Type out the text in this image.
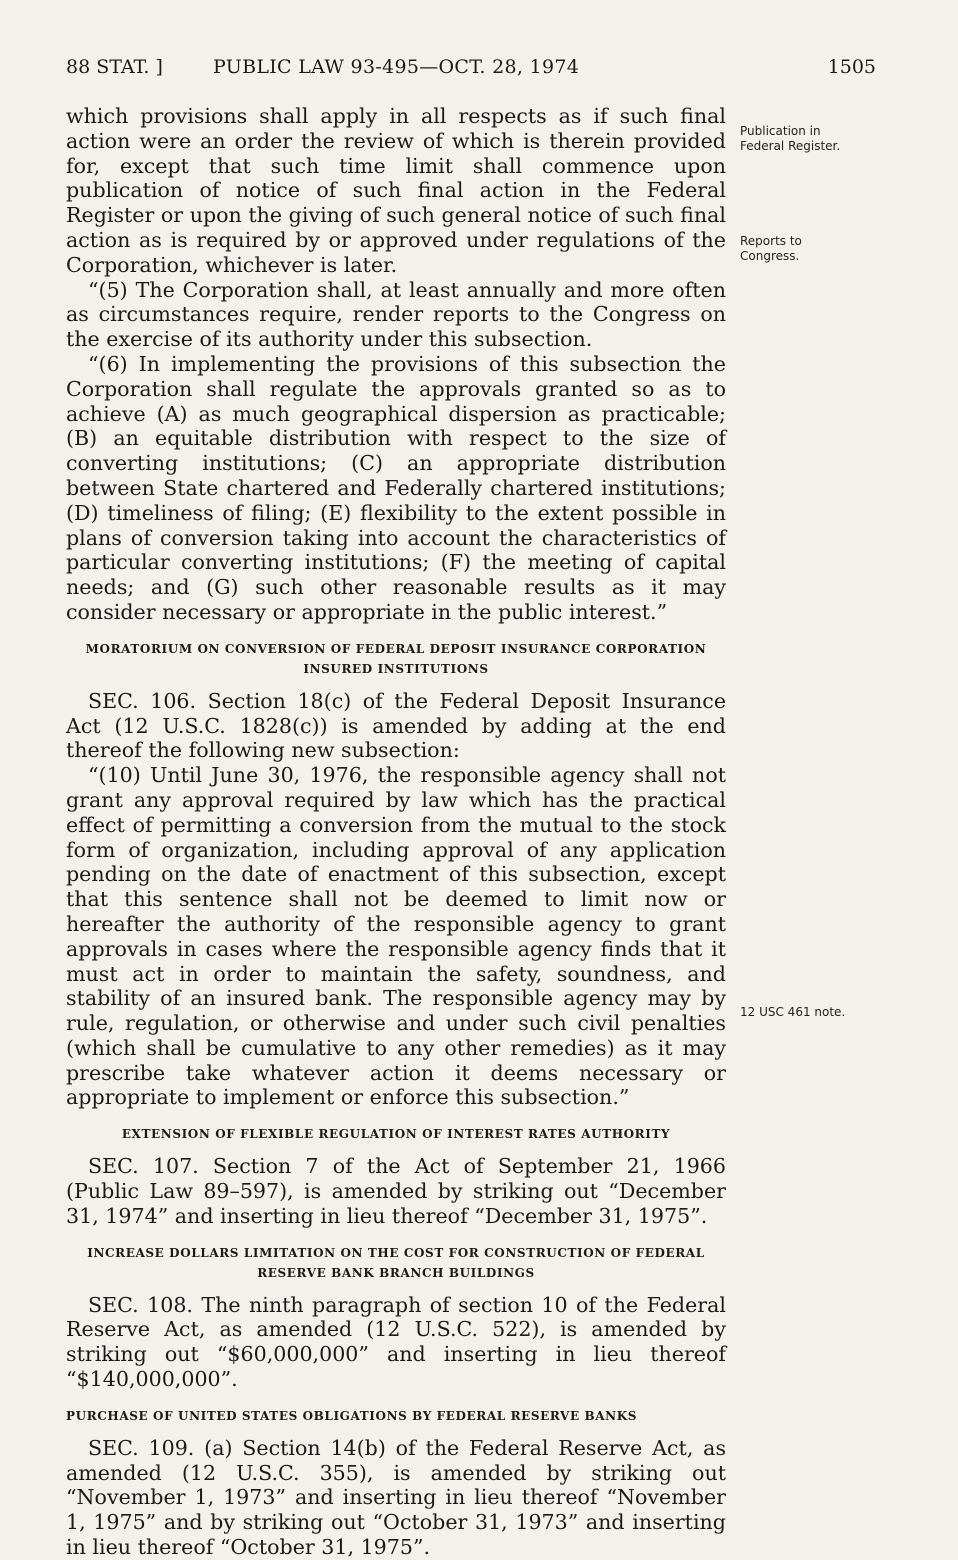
88 STAT. ]	PUBLIC LAW 93-495—OCT. 28, 1974	1505
Publication in Federal Register.
Reports to Congress.
12 USC 461 note.

which provisions shall apply in all respects as if such final action were an order the review of which is therein provided for, except that such time limit shall commence upon publication of notice of such final action in the Federal Register or upon the giving of such general notice of such final action as is required by or approved under regulations of the Corporation, whichever is later.

“(5) The Corporation shall, at least annually and more often as circumstances require, render reports to the Congress on the exercise of its authority under this subsection.

“(6) In implementing the provisions of this subsection the Corporation shall regulate the approvals granted so as to achieve (A) as much geographical dispersion as practicable; (B) an equitable distribution with respect to the size of converting institutions; (C) an appropriate distribution between State chartered and Federally chartered institutions; (D) timeliness of filing; (E) flexibility to the extent possible in plans of conversion taking into account the characteristics of particular converting institutions; (F) the meeting of capital needs; and (G) such other reasonable results as it may consider necessary or appropriate in the public interest.”

MORATORIUM ON CONVERSION OF FEDERAL DEPOSIT INSURANCE CORPORATION INSURED INSTITUTIONS

SEC. 106. Section 18(c) of the Federal Deposit Insurance Act (12 U.S.C. 1828(c)) is amended by adding at the end thereof the following new subsection:

“(10) Until June 30, 1976, the responsible agency shall not grant any approval required by law which has the practical effect of permitting a conversion from the mutual to the stock form of organization, including approval of any application pending on the date of enactment of this subsection, except that this sentence shall not be deemed to limit now or hereafter the authority of the responsible agency to grant approvals in cases where the responsible agency finds that it must act in order to maintain the safety, soundness, and stability of an insured bank. The responsible agency may by rule, regulation, or otherwise and under such civil penalties (which shall be cumulative to any other remedies) as it may prescribe take whatever action it deems necessary or appropriate to implement or enforce this subsection.”

EXTENSION OF FLEXIBLE REGULATION OF INTEREST RATES AUTHORITY

SEC. 107. Section 7 of the Act of September 21, 1966 (Public Law 89–597), is amended by striking out “December 31, 1974” and inserting in lieu thereof “December 31, 1975”.

INCREASE DOLLARS LIMITATION ON THE COST FOR CONSTRUCTION OF FEDERAL RESERVE BANK BRANCH BUILDINGS

SEC. 108. The ninth paragraph of section 10 of the Federal Reserve Act, as amended (12 U.S.C. 522), is amended by striking out “$60,000,000” and inserting in lieu thereof “$140,000,000”.

PURCHASE OF UNITED STATES OBLIGATIONS BY FEDERAL RESERVE BANKS

SEC. 109. (a) Section 14(b) of the Federal Reserve Act, as amended (12 U.S.C. 355), is amended by striking out “November 1, 1973” and inserting in lieu thereof “November 1, 1975” and by striking out “October 31, 1973” and inserting in lieu thereof “October 31, 1975”.
